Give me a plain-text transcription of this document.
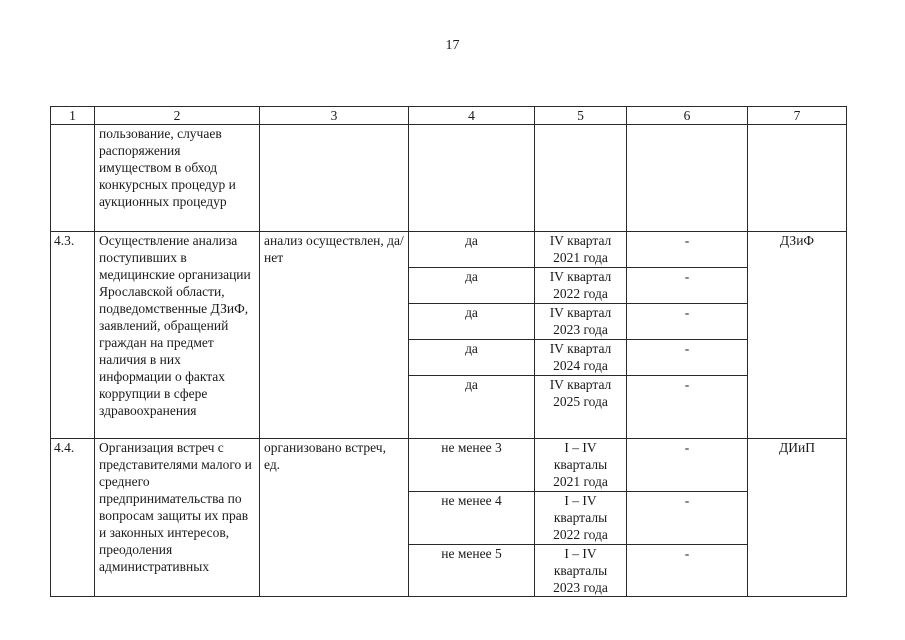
17
1	2	3	4	5	6	7
	пользование, случаев распоряжения имуществом в обход конкурсных процедур и аукционных процедур					
4.3.	Осуществление анализа поступивших в медицинские организации Ярославской области, подведомственные ДЗиФ, заявлений, обращений граждан на предмет наличия в них информации о фактах коррупции в сфере здравоохранения	анализ осуществлен, да/нет	да	IV квартал 2021 года	-	ДЗиФ
			да	IV квартал 2022 года	-	
			да	IV квартал 2023 года	-	
			да	IV квартал 2024 года	-	
			да	IV квартал 2025 года	-	
4.4.	Организация встреч с представителями малого и среднего предпринимательства по вопросам защиты их прав и законных интересов, преодоления административных	организовано встреч, ед.	не менее 3	I – IV кварталы 2021 года	-	ДИиП
			не менее 4	I – IV кварталы 2022 года	-	
			не менее 5	I – IV кварталы 2023 года	-	
